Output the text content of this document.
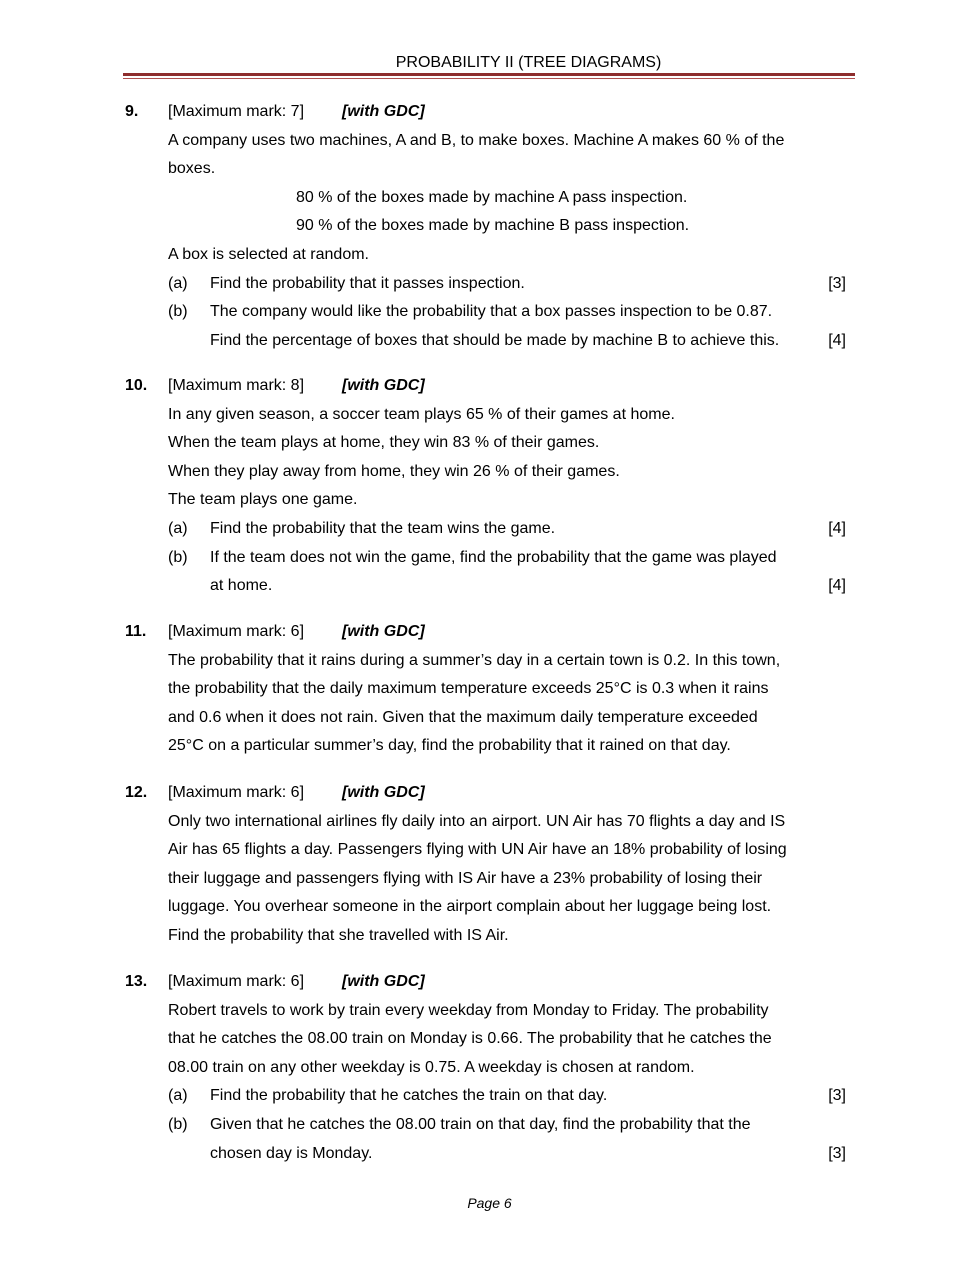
PROBABILITY II (TREE DIAGRAMS)
9. [Maximum mark: 7] [with GDC]
A company uses two machines, A and B, to make boxes. Machine A makes 60 % of the
boxes.
80 % of the boxes made by machine A pass inspection.
90 % of the boxes made by machine B pass inspection.
A box is selected at random.
(a) Find the probability that it passes inspection.	[3]
(b) The company would like the probability that a box passes inspection to be 0.87.
Find the percentage of boxes that should be made by machine B to achieve this.	[4]
10. [Maximum mark: 8] [with GDC]
In any given season, a soccer team plays 65 % of their games at home.
When the team plays at home, they win 83 % of their games.
When they play away from home, they win 26 % of their games.
The team plays one game.
(a) Find the probability that the team wins the game.	[4]
(b) If the team does not win the game, find the probability that the game was played
at home.	[4]
11. [Maximum mark: 6] [with GDC]
The probability that it rains during a summer’s day in a certain town is 0.2. In this town,
the probability that the daily maximum temperature exceeds 25°C is 0.3 when it rains
and 0.6 when it does not rain. Given that the maximum daily temperature exceeded
25°C on a particular summer’s day, find the probability that it rained on that day.
12. [Maximum mark: 6] [with GDC]
Only two international airlines fly daily into an airport. UN Air has 70 flights a day and IS
Air has 65 flights a day. Passengers flying with UN Air have an 18% probability of losing
their luggage and passengers flying with IS Air have a 23% probability of losing their
luggage. You overhear someone in the airport complain about her luggage being lost.
Find the probability that she travelled with IS Air.
13. [Maximum mark: 6] [with GDC]
Robert travels to work by train every weekday from Monday to Friday. The probability
that he catches the 08.00 train on Monday is 0.66. The probability that he catches the
08.00 train on any other weekday is 0.75. A weekday is chosen at random.
(a) Find the probability that he catches the train on that day.	[3]
(b) Given that he catches the 08.00 train on that day, find the probability that the
chosen day is Monday.	[3]
Page 6
